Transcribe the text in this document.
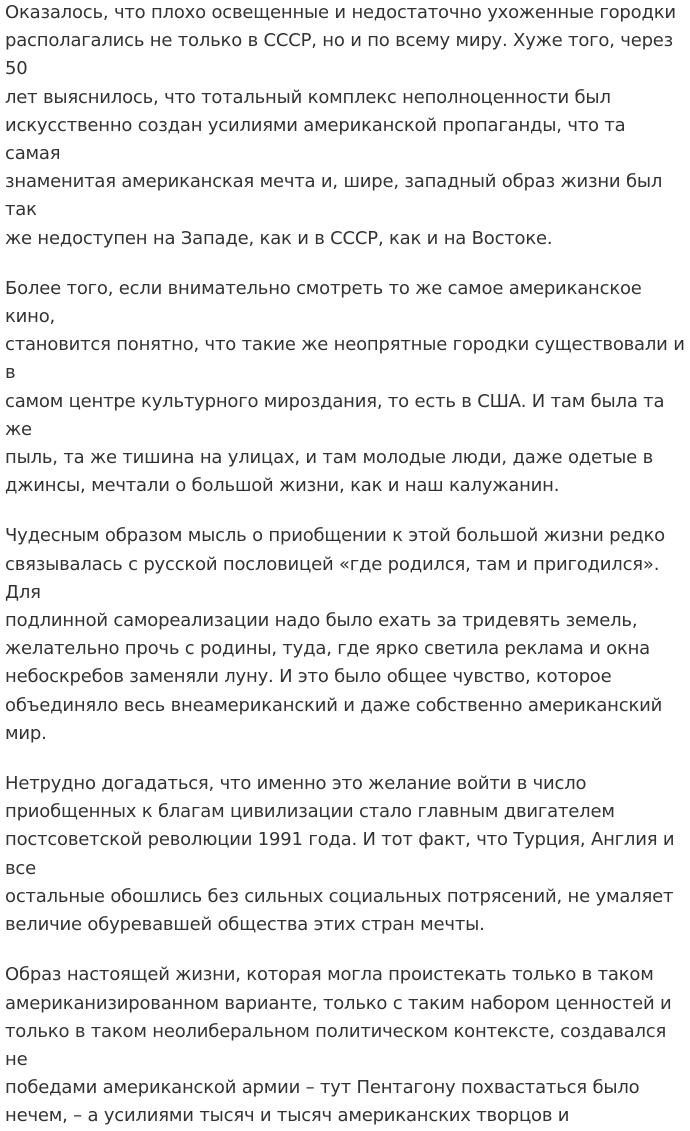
Оказалось, что плохо освещенные и недостаточно ухоженные городки
располагались не только в СССР, но и по всему миру. Хуже того, через 50
лет выяснилось, что тотальный комплекс неполноценности был
искусственно создан усилиями американской пропаганды, что та самая
знаменитая американская мечта и, шире, западный образ жизни был так
же недоступен на Западе, как и в СССР, как и на Востоке.

Более того, если внимательно смотреть то же самое американское кино,
становится понятно, что такие же неопрятные городки существовали и в
самом центре культурного мироздания, то есть в США. И там была та же
пыль, та же тишина на улицах, и там молодые люди, даже одетые в
джинсы, мечтали о большой жизни, как и наш калужанин.

Чудесным образом мысль о приобщении к этой большой жизни редко
связывалась с русской пословицей «где родился, там и пригодился». Для
подлинной самореализации надо было ехать за тридевять земель,
желательно прочь с родины, туда, где ярко светила реклама и окна
небоскребов заменяли луну. И это было общее чувство, которое
объединяло весь внеамериканский и даже собственно американский
мир.

Нетрудно догадаться, что именно это желание войти в число
приобщенных к благам цивилизации стало главным двигателем
постсоветской революции 1991 года. И тот факт, что Турция, Англия и все
остальные обошлись без сильных социальных потрясений, не умаляет
величие обуревавшей общества этих стран мечты.

Образ настоящей жизни, которая могла проистекать только в таком
американизированном варианте, только с таким набором ценностей и
только в таком неолиберальном политическом контексте, создавался не
победами американской армии – тут Пентагону похвастаться было
нечем, – а усилиями тысяч и тысяч американских творцов и
